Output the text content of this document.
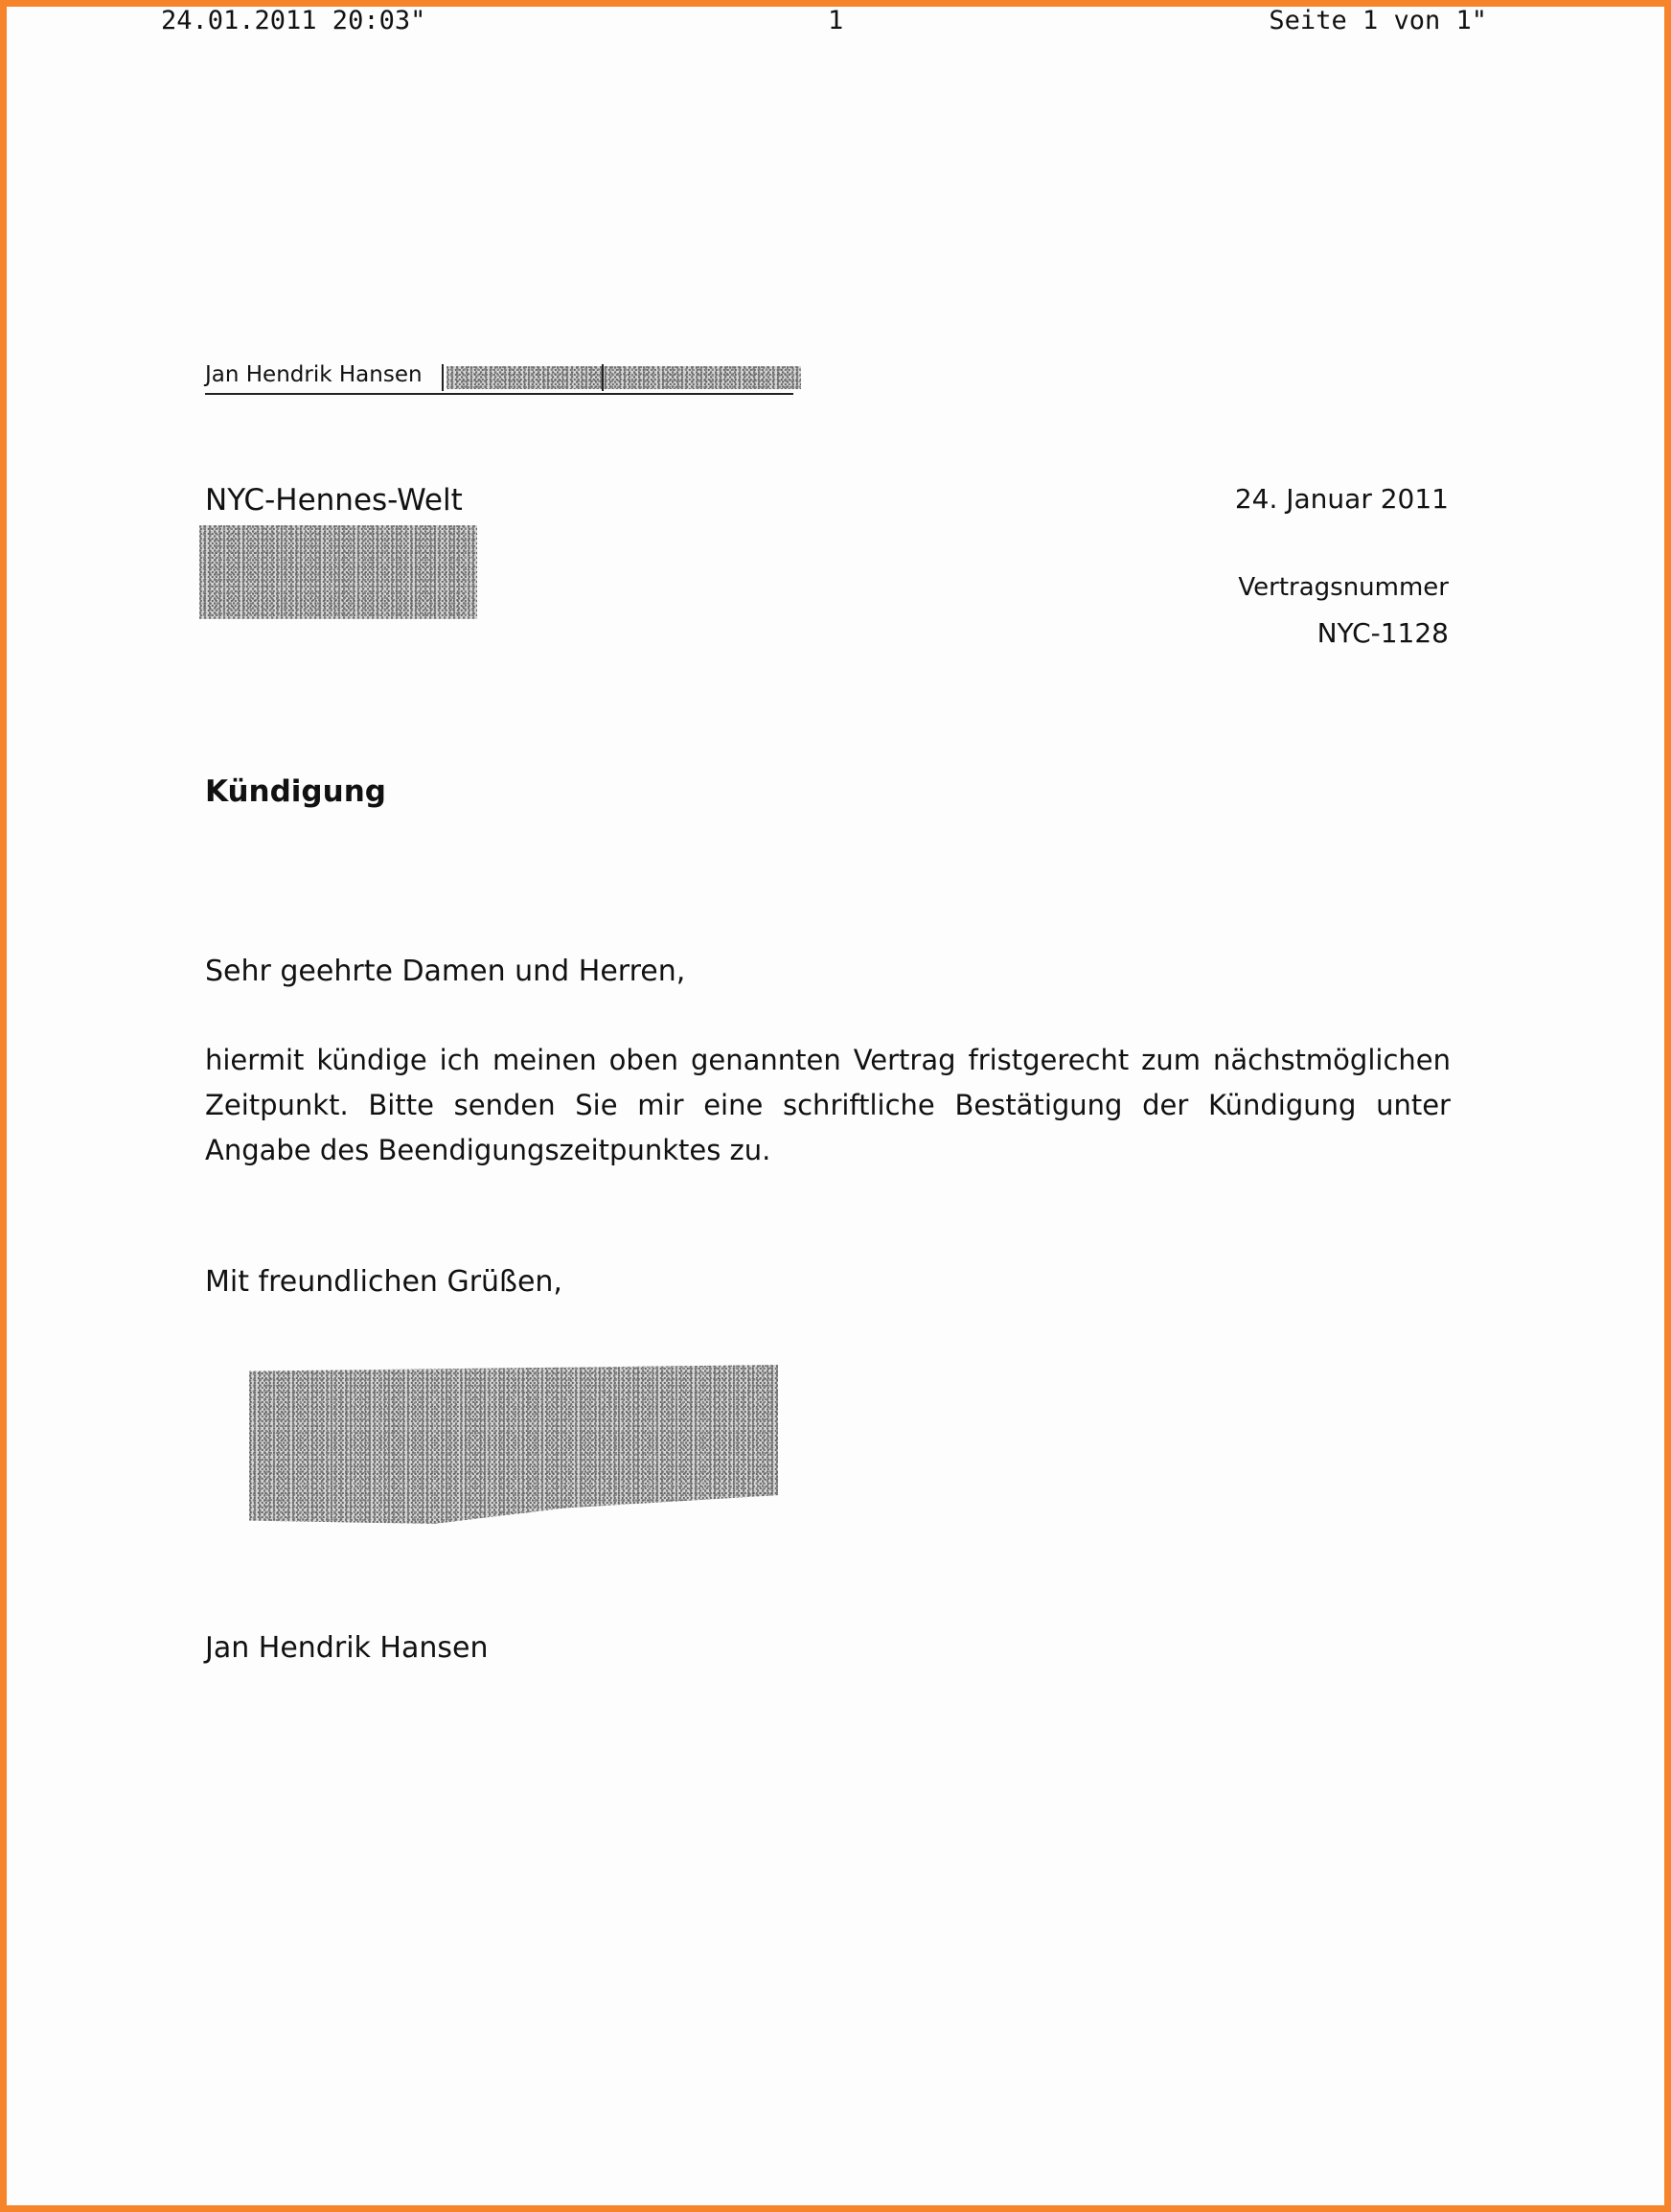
24.01.2011 20:03"	1	Seite 1 von 1"
Jan Hendrik Hansen
NYC-Hennes-Welt	24. Januar 2011
Vertragsnummer
NYC-1128
Kündigung
Sehr geehrte Damen und Herren,
hiermit kündige ich meinen oben genannten Vertrag fristgerecht zum nächstmöglichen Zeitpunkt. Bitte senden Sie mir eine schriftliche Bestätigung der Kündigung unter Angabe des Beendigungszeitpunktes zu.
Mit freundlichen Grüßen,
Jan Hendrik Hansen
